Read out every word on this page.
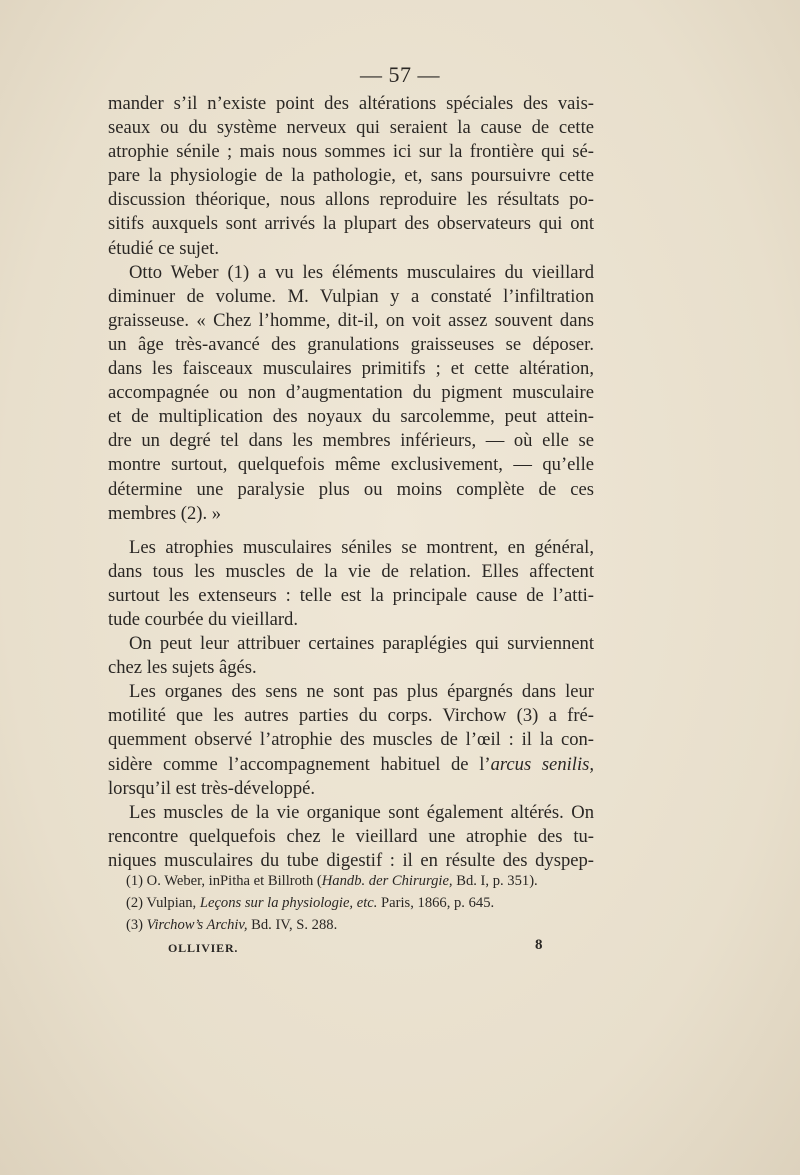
— 57 —

mander s’il n’existe point des altérations spéciales des vais-
seaux ou du système nerveux qui seraient la cause de cette
atrophie sénile ; mais nous sommes ici sur la frontière qui sé-
pare la physiologie de la pathologie, et, sans poursuivre cette
discussion théorique, nous allons reproduire les résultats po-
sitifs auxquels sont arrivés la plupart des observateurs qui ont
étudié ce sujet.

Otto Weber (1) a vu les éléments musculaires du vieillard
diminuer de volume. M. Vulpian y a constaté l’infiltration
graisseuse. « Chez l’homme, dit-il, on voit assez souvent dans
un âge très-avancé des granulations graisseuses se déposer.
dans les faisceaux musculaires primitifs ; et cette altération,
accompagnée ou non d’augmentation du pigment musculaire
et de multiplication des noyaux du sarcolemme, peut attein-
dre un degré tel dans les membres inférieurs, — où elle se
montre surtout, quelquefois même exclusivement, — qu’elle
détermine une paralysie plus ou moins complète de ces
membres (2). »

Les atrophies musculaires séniles se montrent, en général,
dans tous les muscles de la vie de relation. Elles affectent
surtout les extenseurs : telle est la principale cause de l’atti-
tude courbée du vieillard.

On peut leur attribuer certaines paraplégies qui surviennent
chez les sujets âgés.

Les organes des sens ne sont pas plus épargnés dans leur
motilité que les autres parties du corps. Virchow (3) a fré-
quemment observé l’atrophie des muscles de l’œil : il la con-
sidère comme l’accompagnement habituel de l’arcus senilis,
lorsqu’il est très-développé.

Les muscles de la vie organique sont également altérés. On
rencontre quelquefois chez le vieillard une atrophie des tu-
niques musculaires du tube digestif : il en résulte des dyspep-

(1) O. Weber, inPitha et Billroth (Handb. der Chirurgie, Bd. I, p. 351).
(2) Vulpian, Leçons sur la physiologie, etc. Paris, 1866, p. 645.
(3) Virchow’s Archiv, Bd. IV, S. 288.
OLLIVIER.	8
